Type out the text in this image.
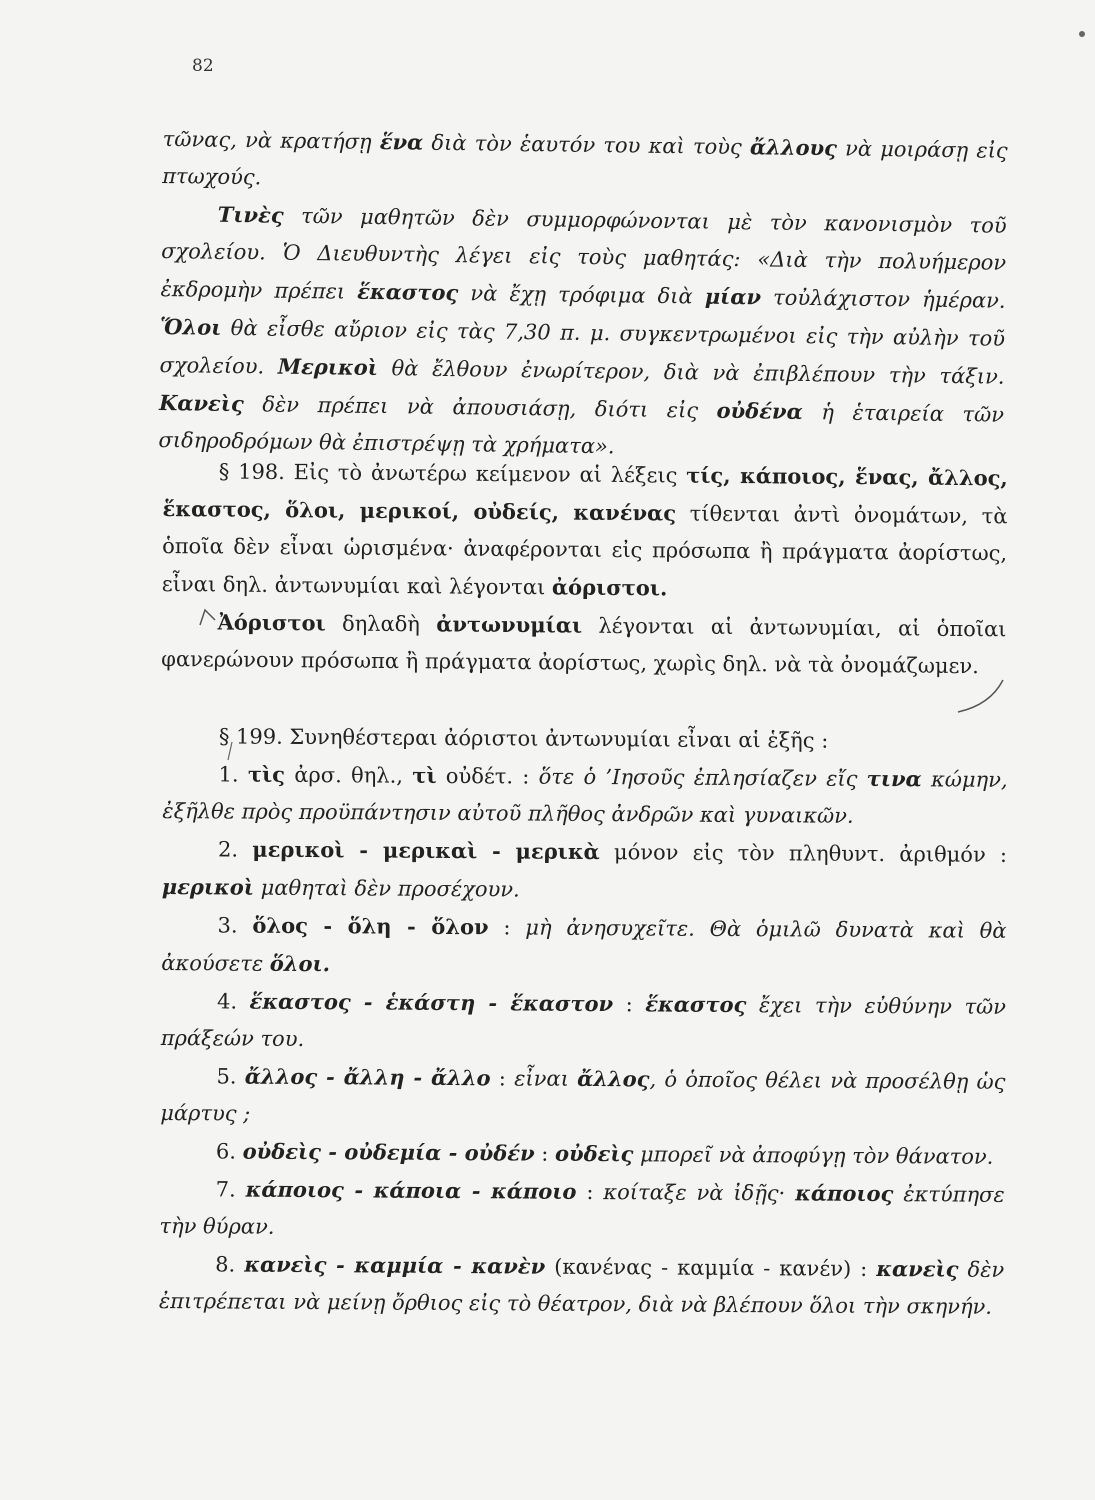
82

τῶνας, νὰ κρατήσῃ ἕνα διὰ τὸν ἑαυτόν του καὶ τοὺς ἄλλους νὰ μοιράσῃ εἰς πτωχούς.

Τινὲς τῶν μαθητῶν δὲν συμμορφώνονται μὲ τὸν κανονισμὸν τοῦ σχολείου. Ὁ Διευθυντὴς λέγει εἰς τοὺς μαθητάς: «Διὰ τὴν πολυήμερον ἐκδρομὴν πρέπει ἕκαστος νὰ ἔχῃ τρόφιμα διὰ μίαν τοὐλάχιστον ἡμέραν. Ὅλοι θὰ εἶσθε αὔριον εἰς τὰς 7,30 π. μ. συγκεντρωμένοι εἰς τὴν αὐλὴν τοῦ σχολείου. Μερικοὶ θὰ ἔλθουν ἐνωρίτερον, διὰ νὰ ἐπιβλέπουν τὴν τάξιν. Κανεὶς δὲν πρέπει νὰ ἀπουσιάσῃ, διότι εἰς οὐδένα ἡ ἑταιρεία τῶν σιδηροδρόμων θὰ ἐπιστρέψῃ τὰ χρήματα».

§ 198. Εἰς τὸ ἀνωτέρω κείμενον αἱ λέξεις τίς, κάποιος, ἕνας, ἄλλος, ἕκαστος, ὅλοι, μερικοί, οὐδείς, κανένας τίθενται ἀντὶ ὀνομάτων, τὰ ὁποῖα δὲν εἶναι ὡρισμένα· ἀναφέρονται εἰς πρόσωπα ἢ πράγματα ἀορίστως, εἶναι δηλ. ἀντωνυμίαι καὶ λέγονται ἀόριστοι.

Ἀόριστοι δηλαδὴ ἀντωνυμίαι λέγονται αἱ ἀντωνυμίαι, αἱ ὁποῖαι φανερώνουν πρόσωπα ἢ πράγματα ἀορίστως, χωρὶς δηλ. νὰ τὰ ὀνομάζωμεν.

§ 199. Συνηθέστεραι ἀόριστοι ἀντωνυμίαι εἶναι αἱ ἑξῆς :

1. τὶς ἀρσ. θηλ., τὶ οὐδέτ. : ὅτε ὁ ’Ιησοῦς ἐπλησίαζεν εἴς τινα κώμην, ἐξῆλθε πρὸς προϋπάντησιν αὐτοῦ πλῆθος ἀνδρῶν καὶ γυναικῶν.

2. μερικοὶ - μερικαὶ - μερικὰ μόνον εἰς τὸν πληθυντ. ἀριθμόν : μερικοὶ μαθηταὶ δὲν προσέχουν.

3. ὅλος - ὅλη - ὅλον : μὴ ἀνησυχεῖτε. Θὰ ὁμιλῶ δυνατὰ καὶ θὰ ἀκούσετε ὅλοι.

4. ἕκαστος - ἑκάστη - ἕκαστον : ἕκαστος ἔχει τὴν εὐθύνην τῶν πράξεών του.

5. ἄλλος - ἄλλη - ἄλλο : εἶναι ἄλλος, ὁ ὁποῖος θέλει νὰ προσέλθῃ ὡς μάρτυς ;

6. οὐδεὶς - οὐδεμία - οὐδέν : οὐδεὶς μπορεῖ νὰ ἀποφύγῃ τὸν θάνατον.

7. κάποιος - κάποια - κάποιο : κοίταξε νὰ ἰδῇς· κάποιος ἐκτύπησε τὴν θύραν.

8. κανεὶς - καμμία - κανὲν (κανένας - καμμία - κανέν) : κανεὶς δὲν ἐπιτρέπεται νὰ μείνῃ ὄρθιος εἰς τὸ θέατρον, διὰ νὰ βλέπουν ὅλοι τὴν σκηνήν.
